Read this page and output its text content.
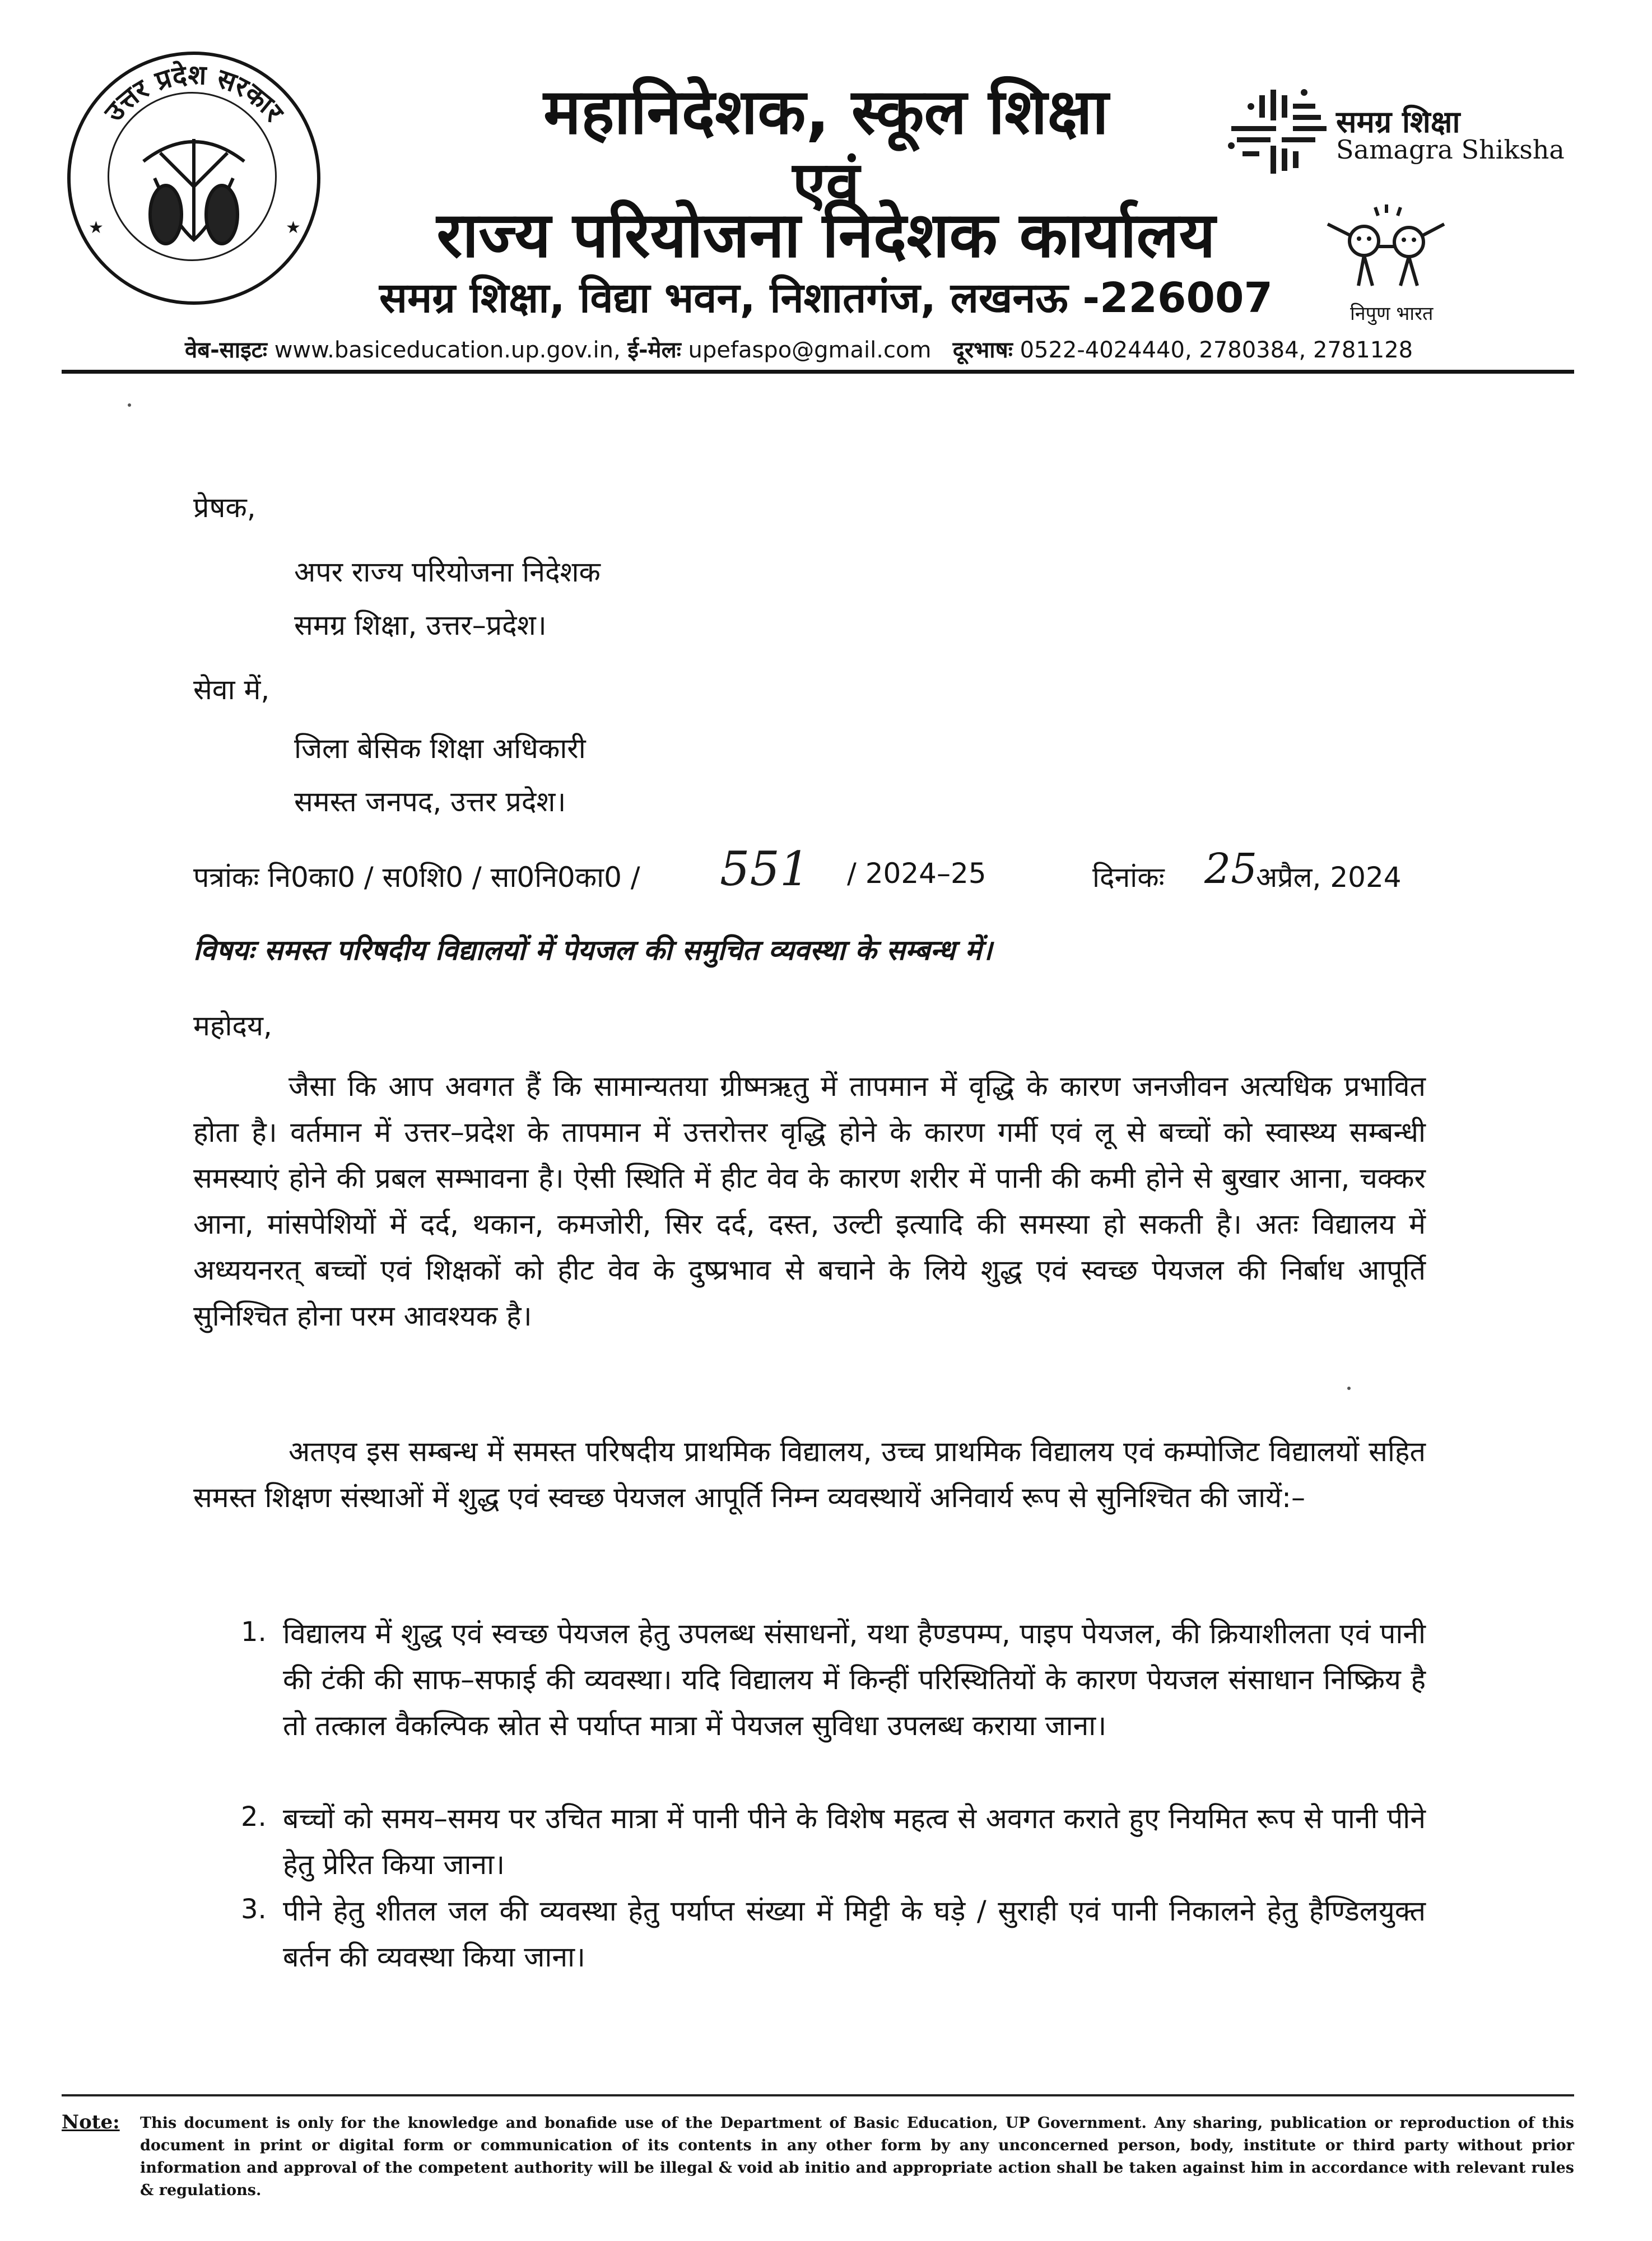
उत्तर प्रदेश सरकार
★	★
महानिदेशक, स्कूल शिक्षा
एवं
राज्य परियोजना निदेशक कार्यालय
समग्र शिक्षा, विद्या भवन, निशातगंज, लखनऊ -226007
समग्र शिक्षा
Samagra Shiksha
निपुण भारत
वेब-साइटः www.basiceducation.up.gov.in, ई-मेलः upefaspo@gmail.com दूरभाषः 0522-4024440, 2780384, 2781128
प्रेषक,
अपर राज्य परियोजना निदेशक
समग्र शिक्षा, उत्तर–प्रदेश।
सेवा में,
जिला बेसिक शिक्षा अधिकारी
समस्त जनपद, उत्तर प्रदेश।
पत्रांकः नि0का0 / स0शि0 / सा0नि0का0 / 551 / 2024–25	दिनांकः 25
अप्रैल, 2024
विषयः समस्त परिषदीय विद्यालयों में पेयजल की समुचित व्यवस्था के सम्बन्ध में।
महोदय,
जैसा कि आप अवगत हैं कि सामान्यतया ग्रीष्मऋतु में तापमान में वृद्धि के कारण जनजीवन अत्यधिक प्रभावित होता है। वर्तमान में उत्तर–प्रदेश के तापमान में उत्तरोत्तर वृद्धि होने के कारण गर्मी एवं लू से बच्चों को स्वास्थ्य सम्बन्धी समस्याएं होने की प्रबल सम्भावना है। ऐसी स्थिति में हीट वेव के कारण शरीर में पानी की कमी होने से बुखार आना, चक्कर आना, मांसपेशियों में दर्द, थकान, कमजोरी, सिर दर्द, दस्त, उल्टी इत्यादि की समस्या हो सकती है। अतः विद्यालय में अध्ययनरत् बच्चों एवं शिक्षकों को हीट वेव के दुष्प्रभाव से बचाने के लिये शुद्ध एवं स्वच्छ पेयजल की निर्बाध आपूर्ति सुनिश्चित होना परम आवश्यक है।
अतएव इस सम्बन्ध में समस्त परिषदीय प्राथमिक विद्यालय, उच्च प्राथमिक विद्यालय एवं कम्पोजिट विद्यालयों सहित समस्त शिक्षण संस्थाओं में शुद्ध एवं स्वच्छ पेयजल आपूर्ति निम्न व्यवस्थायें अनिवार्य रूप से सुनिश्चित की जायें:–
1. विद्यालय में शुद्ध एवं स्वच्छ पेयजल हेतु उपलब्ध संसाधनों, यथा हैण्डपम्प, पाइप पेयजल, की क्रियाशीलता एवं पानी की टंकी की साफ–सफाई की व्यवस्था। यदि विद्यालय में किन्हीं परिस्थितियों के कारण पेयजल संसाधान निष्क्रिय है तो तत्काल वैकल्पिक स्रोत से पर्याप्त मात्रा में पेयजल सुविधा उपलब्ध कराया जाना।
2. बच्चों को समय–समय पर उचित मात्रा में पानी पीने के विशेष महत्व से अवगत कराते हुए नियमित रूप से पानी पीने हेतु प्रेरित किया जाना।
3. पीने हेतु शीतल जल की व्यवस्था हेतु पर्याप्त संख्या में मिट्टी के घड़े / सुराही एवं पानी निकालने हेतु हैण्डिलयुक्त बर्तन की व्यवस्था किया जाना।
Note: This document is only for the knowledge and bonafide use of the Department of Basic Education, UP Government. Any sharing, publication or reproduction of this document in print or digital form or communication of its contents in any other form by any unconcerned person, body, institute or third party without prior information and approval of the competent authority will be illegal & void ab initio and appropriate action shall be taken against him in accordance with relevant rules & regulations.
